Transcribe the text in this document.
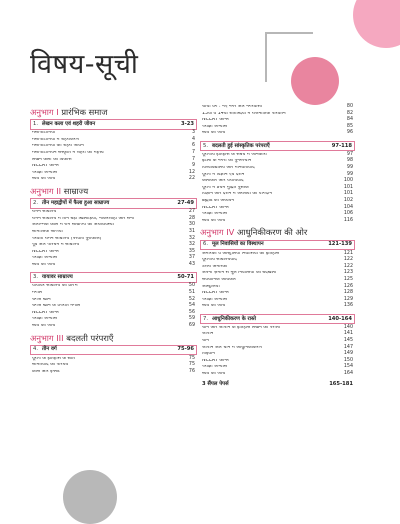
विषय-सूची
अनुभाग I प्रारंभिक समाज
1. लेखन कला एवं शहरी जीवन	3-23
मेसोपोटामिया	3
मेसोपोटामिया में शहरीकरण	4
मेसोपोटामिया का शहरी जीवन	6
मेसोपोटामियन संस्कृति में शहरों का महत्त्व	7
लेखन कला का विकास	7
NCERT कॉर्नर	9
परीक्षा अभ्यास	12
स्वयं को जाँचें	22
अनुभाग II साम्राज्य
2. तीन महाद्वीपों में फैला हुआ साम्राज्य	27-49
रोमन साम्राज्य	27
रोमन साम्राज्य में तीन बड़ी खिलाड़ियाँ, नौकरशाही और सेना	28
आरम्भिक काल में रोम साम्राज्य की अर्थव्यवस्था	30
सामाजिक श्रेणियाँ	31
परवर्ती रोमन साम्राज्य (परवर्ती पुराकाल)	32
पूर्व और पश्चिम में साम्राज्य	32
NCERT कॉर्नर	35
परीक्षा अभ्यास	37
स्वयं को जाँचें	43
3. यायावर साम्राज्य	50-71
यायावर साम्राज्य का प्रारंभ	50
मंगोल	51
चंगेज खान	52
चंगेज खान के उपरांत मंगोल	54
NCERT कॉर्नर	56
परीक्षा अभ्यास	59
स्वयं को जाँचें	69
अनुभाग III बदलती परंपराएँ
4. तीन वर्ग	75-96
यूरोप के इतिहास के स्रोत	75
सामंतवाद का परिचय	75
फ्रांस और इंग्लैंड	76
चौथा वर्ग : नए नगर और नगरवासी	80
13वीं व 14वीं शताब्दियों में राजनीतिक परिवर्तन	82
NCERT कॉर्नर	84
परीक्षा अभ्यास	85
स्वयं को जाँचें	96
5. बदलती हुई सांस्कृतिक परंपराएँ	97-118
यूरोपीय इतिहास के संबंध में जानकारी	97
इटली के नगरों का पुनरुत्थान	98
विश्वविद्यालय और मानवतावाद	99
यूरोप में विज्ञान एवं दर्शन	99
कलाकार और यथार्थवाद	100
यूरोप में प्रथम मुद्रित पुस्तकें	101
विज्ञान और दर्शन में अरबियों का योगदान	101
ब्रह्मांड का अध्ययन	102
NCERT कॉर्नर	104
परीक्षा अभ्यास	106
स्वयं को जाँचें	116
अनुभाग IV आधुनिकीकरण की ओर
6. मूल निवासियों का विस्थापन	121-139
अमेरिका व ऑस्ट्रेलिया निवासियों का इतिहास	121
यूरोपीय साम्राज्यवाद	122
उत्तरी अमेरिका	122
अपनी ज़मीन से मूल निवासियों की बेदखली	123
संवैधानिक अधिकार	125
ऑस्ट्रेलिया	126
NCERT कॉर्नर	128
परीक्षा अभ्यास	129
स्वयं को जाँचें	136
7. आधुनिकीकरण के रास्ते	140-164
चीन और जापान के इतिहास लेखन की परंपरा	140
जापान	141
चीन	145
जापान और चीन में आधुनिकीकरण	147
ताइवान	149
NCERT कॉर्नर	150
परीक्षा अभ्यास	154
स्वयं को जाँचें	164
3 सैंपल पेपर्स	165-181
